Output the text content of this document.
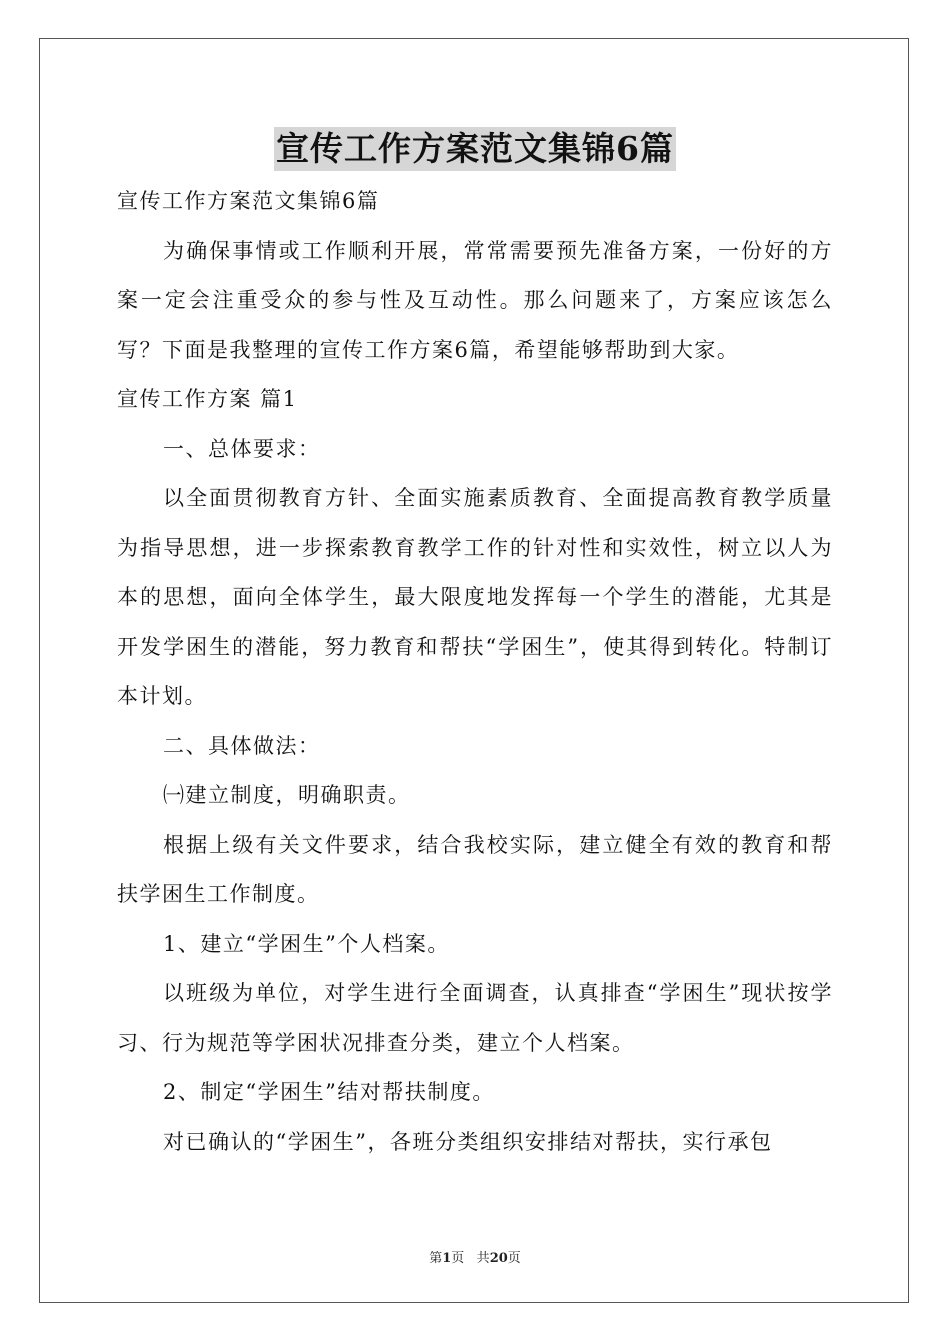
宣传工作方案范文集锦6篇

宣传工作方案范文集锦6篇

为确保事情或工作顺利开展，常常需要预先准备方案，一份好的方案一定会注重受众的参与性及互动性。那么问题来了，方案应该怎么写？下面是我整理的宣传工作方案6篇，希望能够帮助到大家。

宣传工作方案 篇1

一、总体要求：

以全面贯彻教育方针、全面实施素质教育、全面提高教育教学质量为指导思想，进一步探索教育教学工作的针对性和实效性，树立以人为本的思想，面向全体学生，最大限度地发挥每一个学生的潜能，尤其是开发学困生的潜能，努力教育和帮扶“学困生”，使其得到转化。特制订本计划。

二、具体做法：

㈠建立制度，明确职责。

根据上级有关文件要求，结合我校实际，建立健全有效的教育和帮扶学困生工作制度。

1、建立“学困生”个人档案。

以班级为单位，对学生进行全面调查，认真排查“学困生”现状按学习、行为规范等学困状况排查分类，建立个人档案。

2、制定“学困生”结对帮扶制度。

对已确认的“学困生”，各班分类组织安排结对帮扶，实行承包

第1页 共20页
